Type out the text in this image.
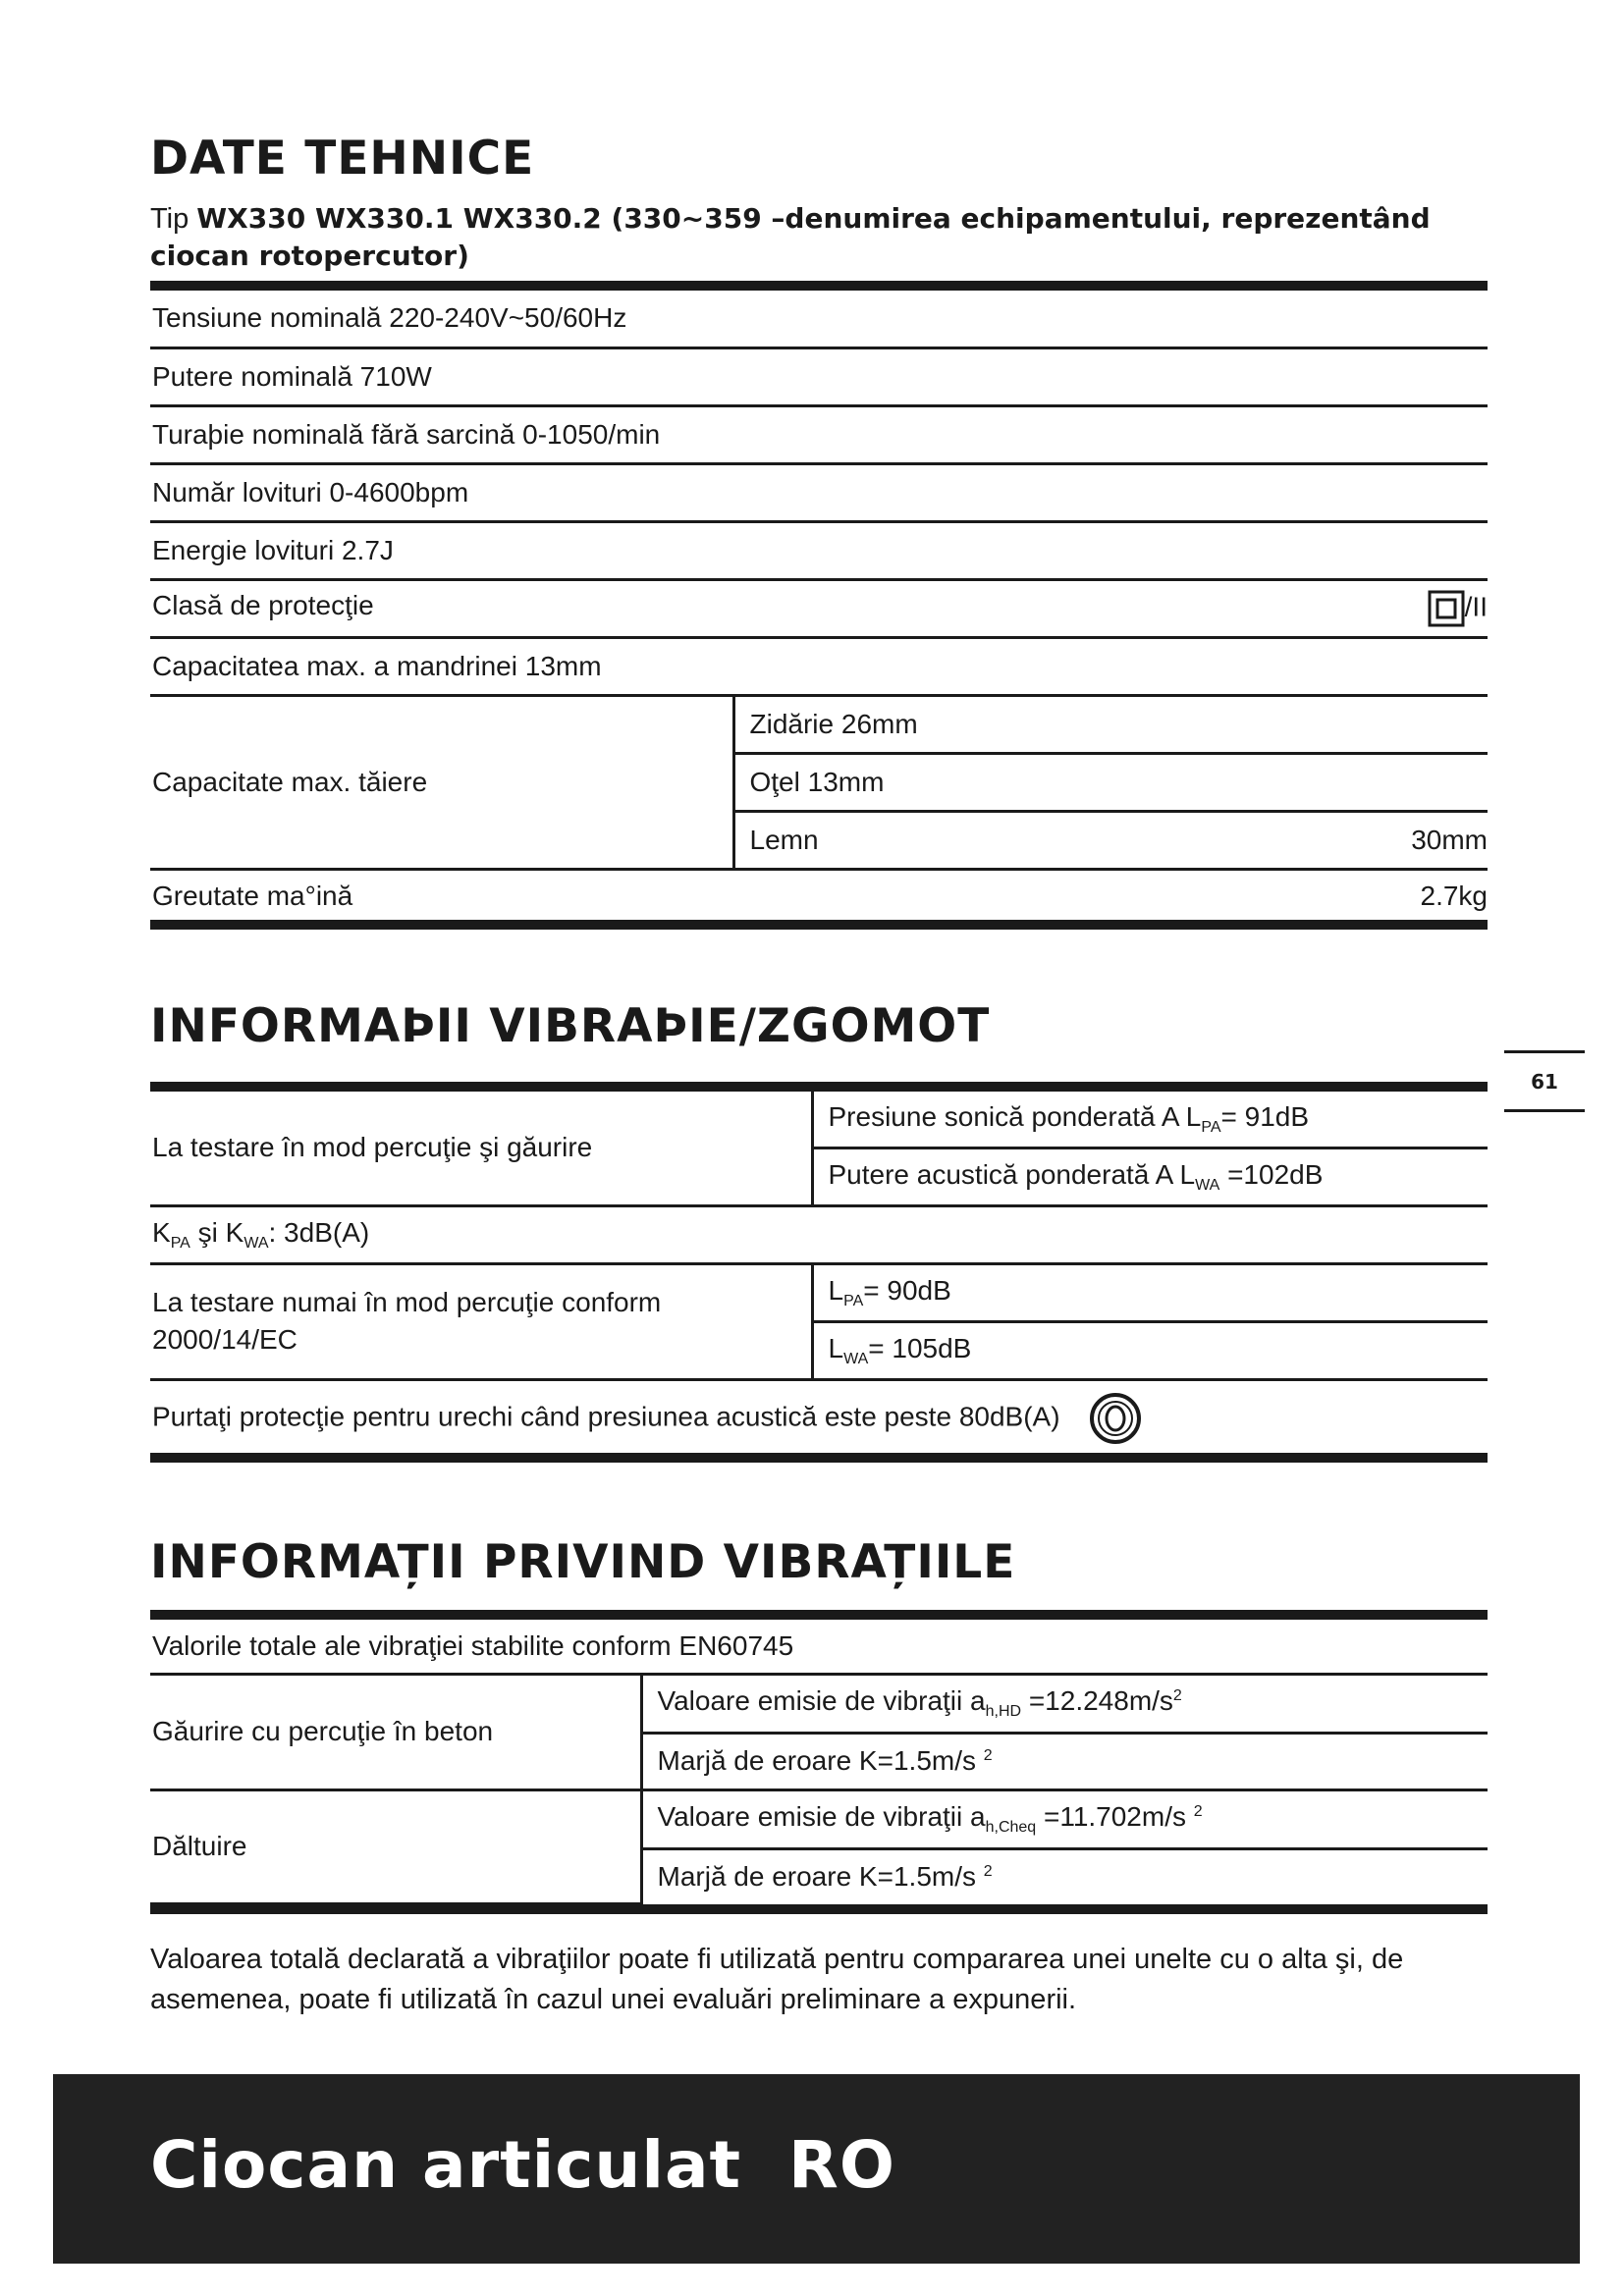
DATE TEHNICE
Tip WX330 WX330.1 WX330.2 (330~359 –denumirea echipamentului, reprezentând ciocan rotopercutor)
Tensiune nominală 220-240V~50/60Hz
Putere nominală 710W
Turaþie nominală fără sarcină 0-1050/min
Număr lovituri 0-4600bpm
Energie lovituri 2.7J
Clasă de protecţie	/II

Capacitatea max. a mandrinei 13mm
Capacitate max. tăiere	Zidărie 26mm
Oţel 13mm
Lemn	30mm

Greutate ma°ină	2.7kg
INFORMAÞII VIBRAÞIE/ZGOMOT
La testare în mod percuţie şi găurire	Presiune sonică ponderată A $L_{PA}= 91dB$
	Putere acustică ponderată A $L_{WA} =102dB$
$K_{PA}$ şi $K_{WA}$: 3dB(A)	
La testare numai în mod percuţie conform 2000/14/EC	$L_{PA}= 90dB$
	$L_{WA}= 105dB$
Purtaţi protecţie pentru urechi când presiunea acustică este peste 80dB(A)	
INFORMAȚII PRIVIND VIBRAȚIILE
Valorile totale ale vibraţiei stabilite conform EN60745	
Găurire cu percuţie în beton	Valoare emisie de vibraţii $a_{h,HD} =12.248m/s^2$
	Marjă de eroare K=1.5m/s $^2$
Dăltuire	Valoare emisie de vibraţii $a_{h,Cheq} =11.702m/s$ $^2$
	Marjă de eroare K=1.5m/s $^2$
Valoarea totală declarată a vibraţiilor poate fi utilizată pentru compararea unei unelte cu o alta şi, de asemenea, poate fi utilizată în cazul unei evaluări preliminare a expunerii.
61
Ciocan articulat  RO
